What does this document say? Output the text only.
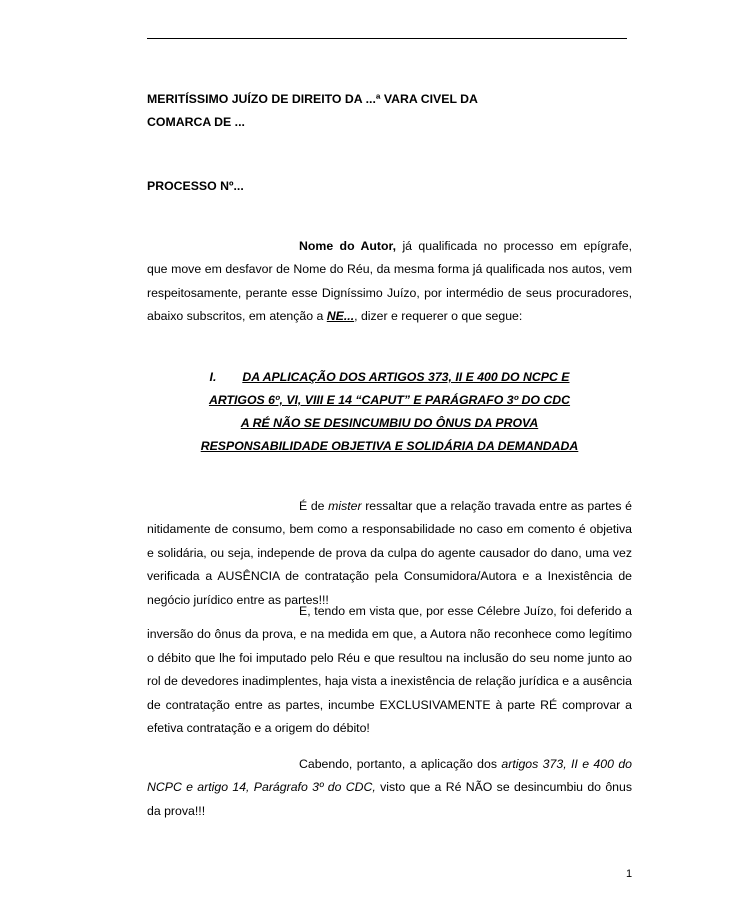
MERITÍSSIMO JUÍZO DE DIREITO DA ...ª VARA CIVEL DA
COMARCA DE ...
PROCESSO Nº...
Nome do Autor, já qualificada no processo em epígrafe, que move em desfavor de Nome do Réu, da mesma forma já qualificada nos autos, vem respeitosamente, perante esse Digníssimo Juízo, por intermédio de seus procuradores, abaixo subscritos, em atenção a NE..., dizer e requerer o que segue:
I. DA APLICAÇÃO DOS ARTIGOS 373, II E 400 DO NCPC E
ARTIGOS 6º, VI, VIII E 14 “CAPUT” E PARÁGRAFO 3º DO CDC
A RÉ NÃO SE DESINCUMBIU DO ÔNUS DA PROVA
RESPONSABILIDADE OBJETIVA E SOLIDÁRIA DA DEMANDADA
É de mister ressaltar que a relação travada entre as partes é nitidamente de consumo, bem como a responsabilidade no caso em comento é objetiva e solidária, ou seja, independe de prova da culpa do agente causador do dano, uma vez verificada a AUSÊNCIA de contratação pela Consumidora/Autora e a Inexistência de negócio jurídico entre as partes!!!
E, tendo em vista que, por esse Célebre Juízo, foi deferido a inversão do ônus da prova, e na medida em que, a Autora não reconhece como legítimo o débito que lhe foi imputado pelo Réu e que resultou na inclusão do seu nome junto ao rol de devedores inadimplentes, haja vista a inexistência de relação jurídica e a ausência de contratação entre as partes, incumbe EXCLUSIVAMENTE à parte RÉ comprovar a efetiva contratação e a origem do débito!
Cabendo, portanto, a aplicação dos artigos 373, II e 400 do NCPC e artigo 14, Parágrafo 3º do CDC, visto que a Ré NÃO se desincumbiu do ônus da prova!!!
1
